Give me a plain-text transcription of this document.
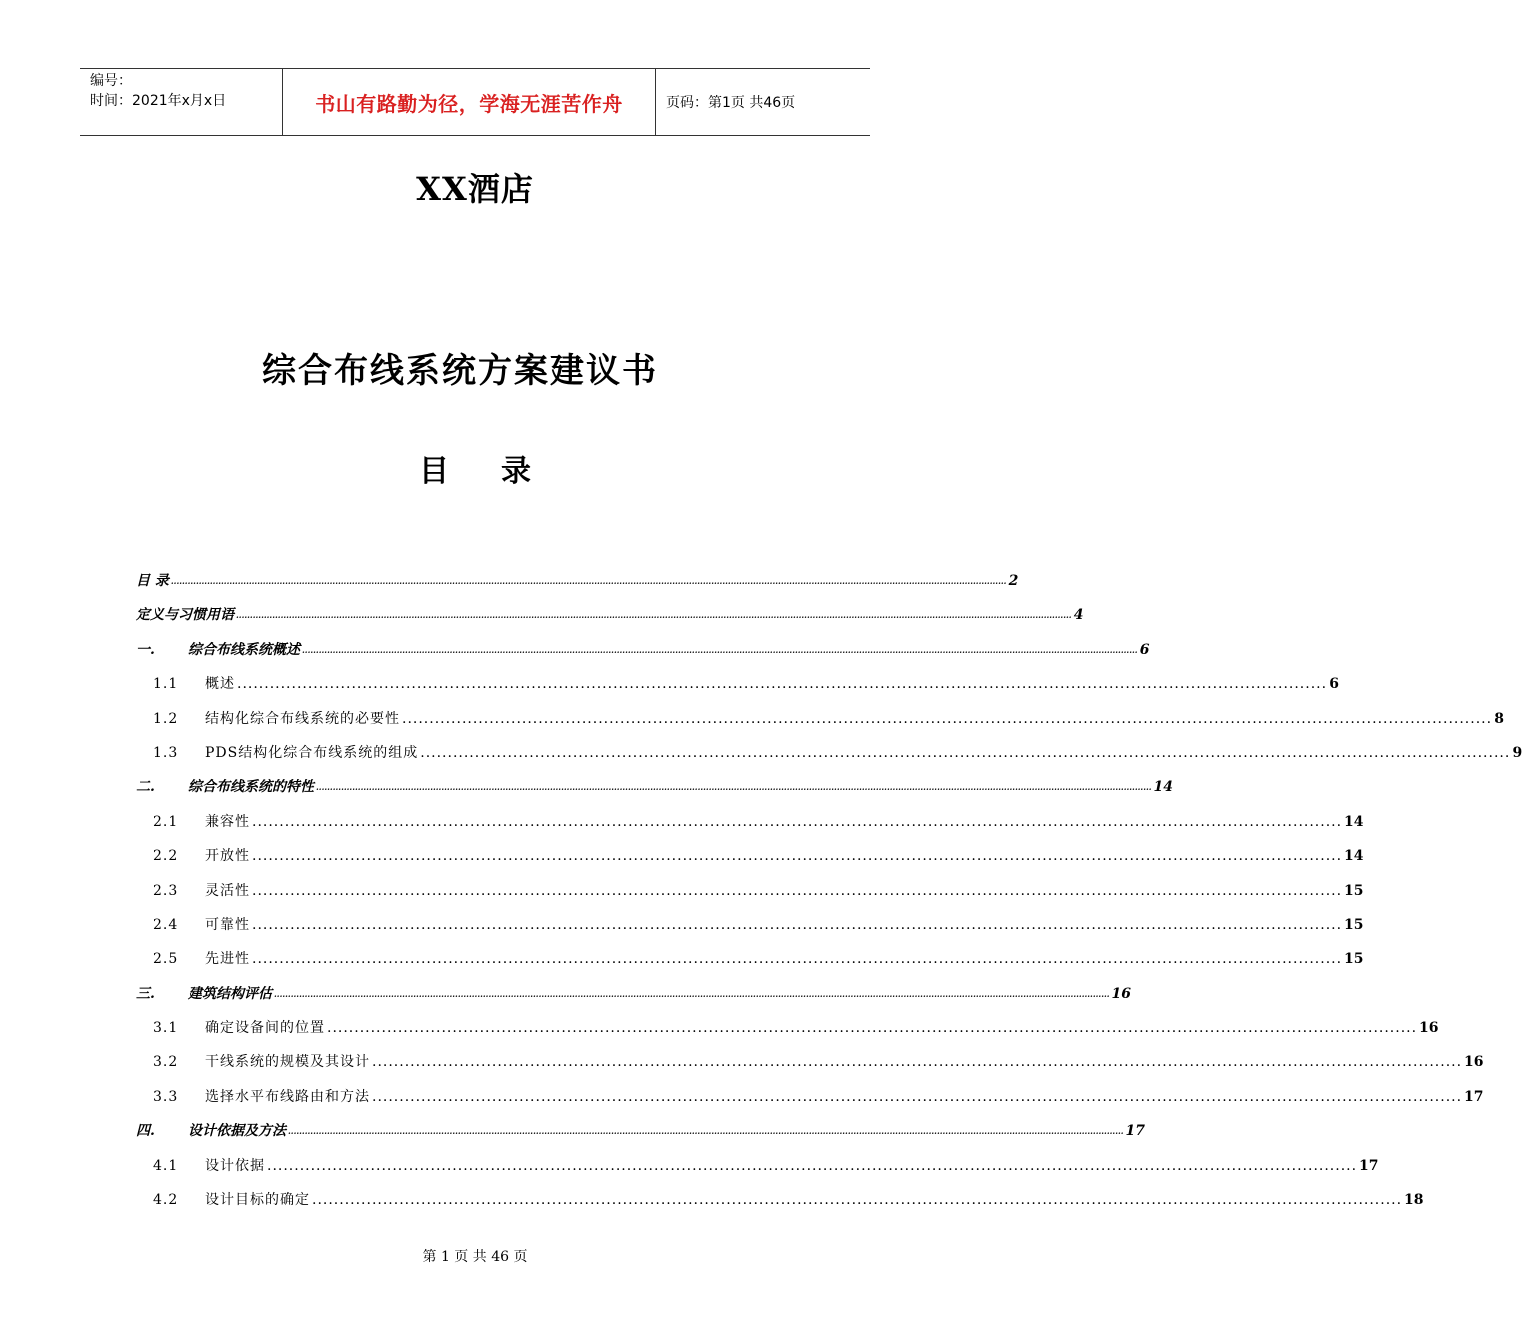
编号：
时间：2021年x月x日	书山有路勤为径，学海无涯苦作舟	页码：第1页 共46页
XX酒店
综合布线系统方案建议书
目 录
目 录 ............................................................................................................................................................................................................................................................................................................ 2
定义与习惯用语 ............................................................................................................................................................................................................................................................................................................ 4
一.	综合布线系统概述 ............................................................................................................................................................................................................................................................................................................ 6
1.1	概述 ........................................................................................................................................................................................................ 6
1.2	结构化综合布线系统的必要性 ........................................................................................................................................................................................................ 8
1.3	PDS结构化综合布线系统的组成 ........................................................................................................................................................................................................ 9
二.	综合布线系统的特性 ............................................................................................................................................................................................................................................................................................................ 14
2.1	兼容性 ........................................................................................................................................................................................................ 14
2.2	开放性 ........................................................................................................................................................................................................ 14
2.3	灵活性 ........................................................................................................................................................................................................ 15
2.4	可靠性 ........................................................................................................................................................................................................ 15
2.5	先进性 ........................................................................................................................................................................................................ 15
三.	建筑结构评估 ............................................................................................................................................................................................................................................................................................................ 16
3.1	确定设备间的位置 ........................................................................................................................................................................................................ 16
3.2	干线系统的规模及其设计 ........................................................................................................................................................................................................ 16
3.3	选择水平布线路由和方法 ........................................................................................................................................................................................................ 17
四.	设计依据及方法 ............................................................................................................................................................................................................................................................................................................ 17
4.1	设计依据 ........................................................................................................................................................................................................ 17
4.2	设计目标的确定 ........................................................................................................................................................................................................ 18
第 1 页 共 46 页
